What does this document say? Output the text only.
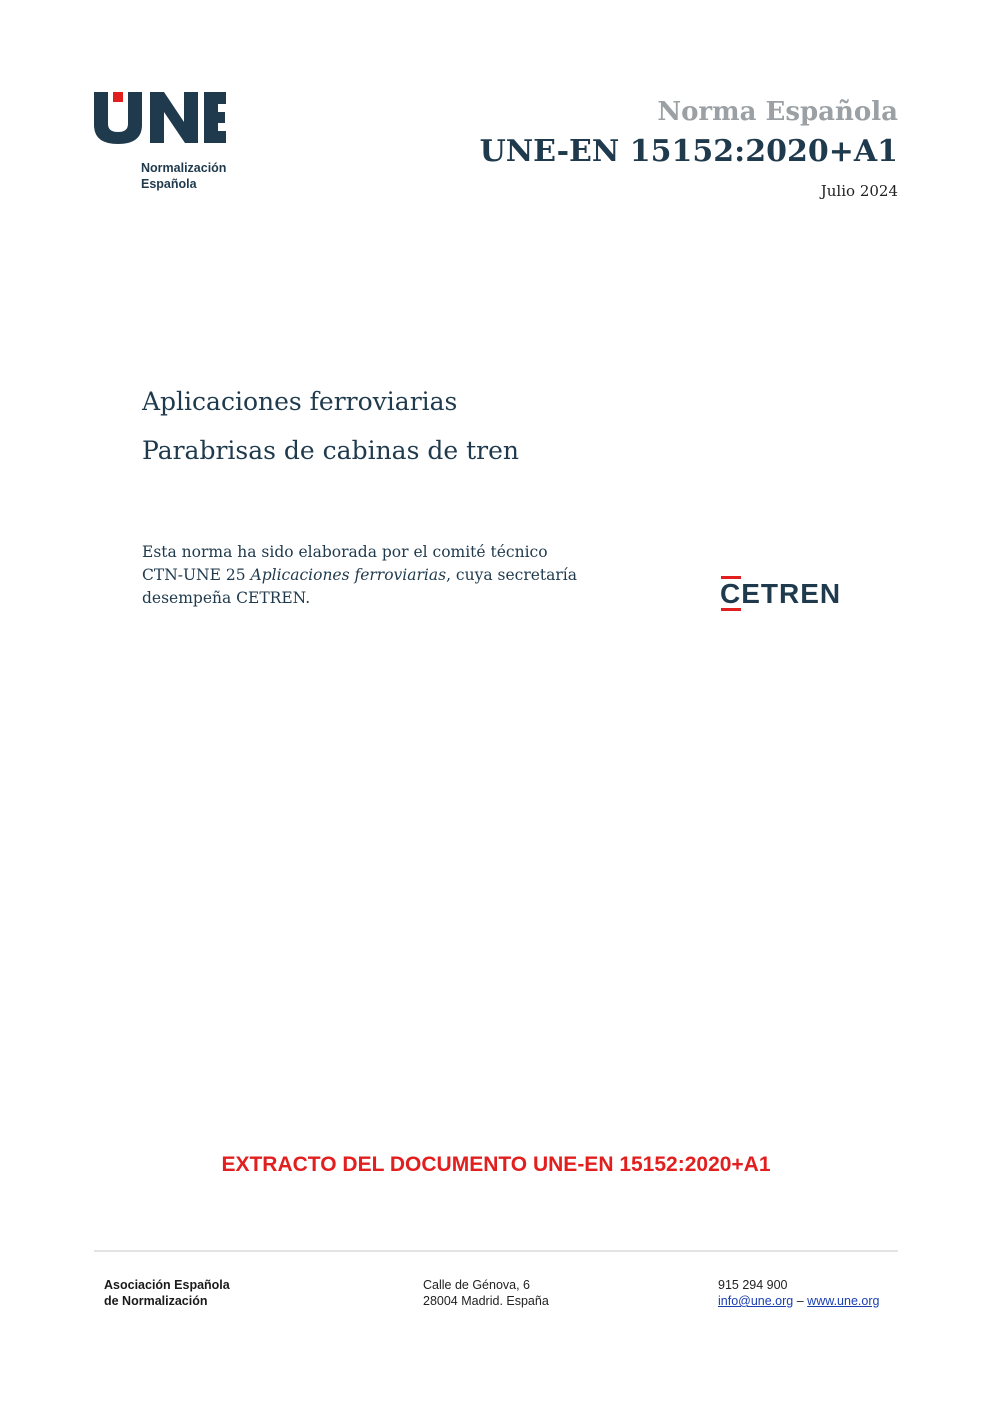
UNE
Normalización
Española
Norma Española
UNE-EN 15152:2020+A1
Julio 2024
Aplicaciones ferroviarias
Parabrisas de cabinas de tren
Esta norma ha sido elaborada por el comité técnico
CTN-UNE 25 Aplicaciones ferroviarias, cuya secretaría
desempeña CETREN.	CETREN
EXTRACTO DEL DOCUMENTO UNE-EN 15152:2020+A1
Asociación Española
de Normalización
Calle de Génova, 6
28004 Madrid. España
915 294 900
info@une.org – www.une.org
